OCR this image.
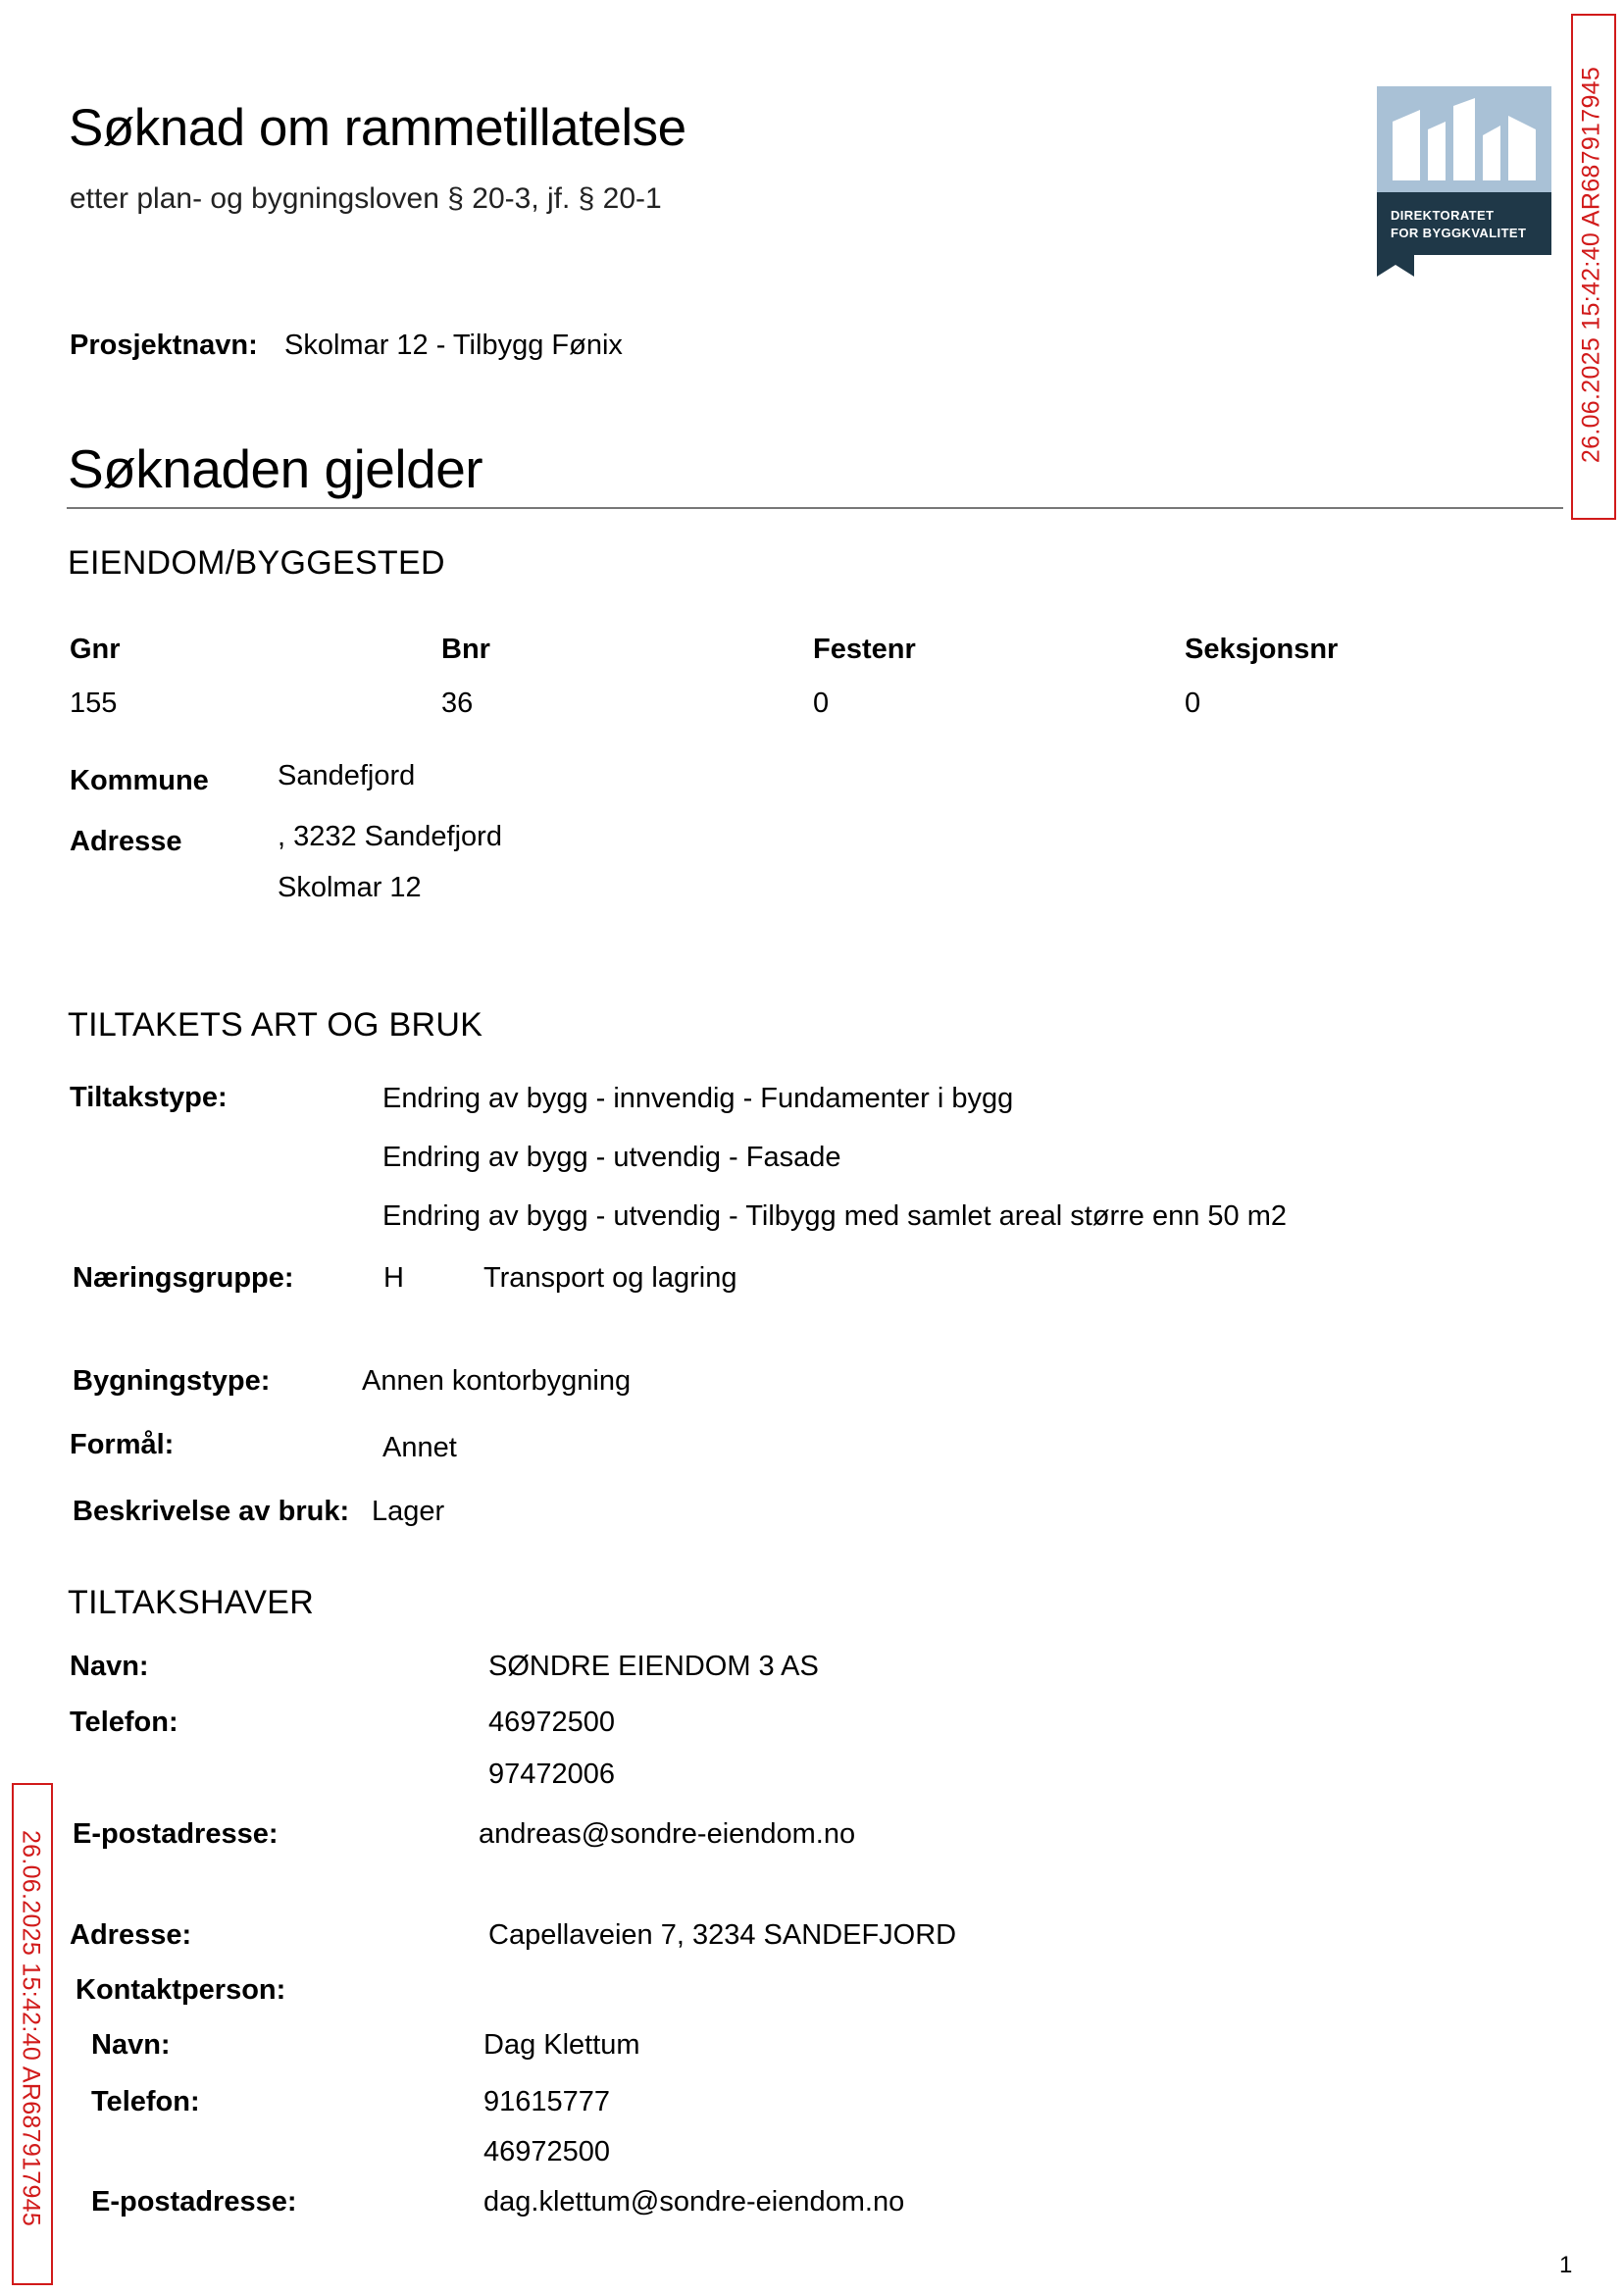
Søknad om rammetillatelse
etter plan- og bygningsloven § 20-3, jf. § 20-1
DIREKTORATET
FOR BYGGKVALITET 26.06.2025 15:42:40 AR687917945
26.06.2025 15:42:40 AR687917945
Prosjektnavn: Skolmar 12 - Tilbygg Fønix
Søknaden gjelder
EIENDOM/BYGGESTED
Gnr	Bnr	Festenr	Seksjonsnr
155	36	0	0
Kommune Sandefjord
Adresse	, 3232 Sandefjord
Skolmar 12
TILTAKETS ART OG BRUK
Tiltakstype:	Endring av bygg - innvendig - Fundamenter i bygg
Endring av bygg - utvendig - Fasade
Endring av bygg - utvendig - Tilbygg med samlet areal større enn 50 m2
Næringsgruppe:	H	Transport og lagring
Bygningstype:	Annen kontorbygning
Formål:	Annet
Beskrivelse av bruk: Lager
TILTAKSHAVER
Navn:	SØNDRE EIENDOM 3 AS
Telefon:	46972500
97472006
E-postadresse:	andreas@sondre-eiendom.no
Adresse:	Capellaveien 7, 3234 SANDEFJORD
Kontaktperson:
Navn:	Dag Klettum
Telefon:	91615777
46972500
E-postadresse:	dag.klettum@sondre-eiendom.no
1
